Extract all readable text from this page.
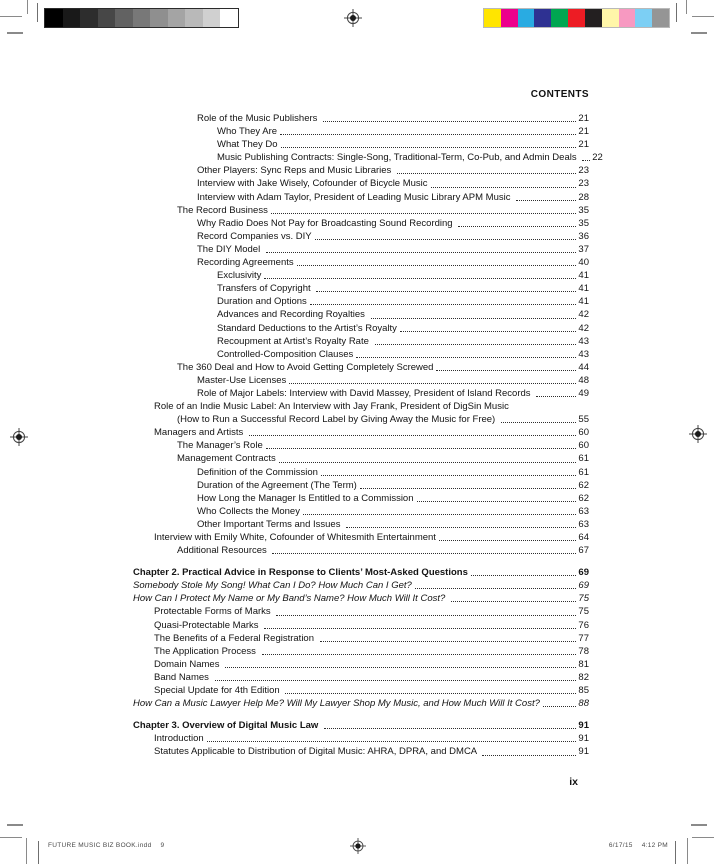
CONTENTS
Role of the Music Publishers	21
Who They Are	21
What They Do	21
Music Publishing Contracts: Single-Song, Traditional-Term, Co-Pub, and Admin Deals 22
Other Players: Sync Reps and Music Libraries	23
Interview with Jake Wisely, Cofounder of Bicycle Music	23
Interview with Adam Taylor, President of Leading Music Library APM Music	28
The Record Business	35
Why Radio Does Not Pay for Broadcasting Sound Recording	35
Record Companies vs. DIY	36
The DIY Model	37
Recording Agreements	40
Exclusivity	41
Transfers of Copyright	41
Duration and Options	41
Advances and Recording Royalties	42
Standard Deductions to the Artist’s Royalty	42
Recoupment at Artist’s Royalty Rate	43
Controlled-Composition Clauses	43
The 360 Deal and How to Avoid Getting Completely Screwed	44
Master-Use Licenses	48
Role of Major Labels: Interview with David Massey, President of Island Records	49
Role of an Indie Music Label: An Interview with Jay Frank, President of DigSin Music
(How to Run a Successful Record Label by Giving Away the Music for Free)	55
Managers and Artists	60
The Manager’s Role	60
Management Contracts	61
Definition of the Commission	61
Duration of the Agreement (The Term)	62
How Long the Manager Is Entitled to a Commission	62
Who Collects the Money	63
Other Important Terms and Issues	63
Interview with Emily White, Cofounder of Whitesmith Entertainment	64
Additional Resources	67
Chapter 2. Practical Advice in Response to Clients’ Most-Asked Questions	69
Somebody Stole My Song! What Can I Do? How Much Can I Get?	69
How Can I Protect My Name or My Band’s Name? How Much Will It Cost?	75
Protectable Forms of Marks	75
Quasi-Protectable Marks	76
The Benefits of a Federal Registration	77
The Application Process	78
Domain Names	81
Band Names	82
Special Update for 4th Edition	85
How Can a Music Lawyer Help Me? Will My Lawyer Shop My Music, and How Much Will It Cost?	88
Chapter 3. Overview of Digital Music Law	91
Introduction	91
Statutes Applicable to Distribution of Digital Music: AHRA, DPRA, and DMCA	91
ix
FUTURE MUSIC BIZ BOOK.indd 9	6/17/15 4:12 PM
